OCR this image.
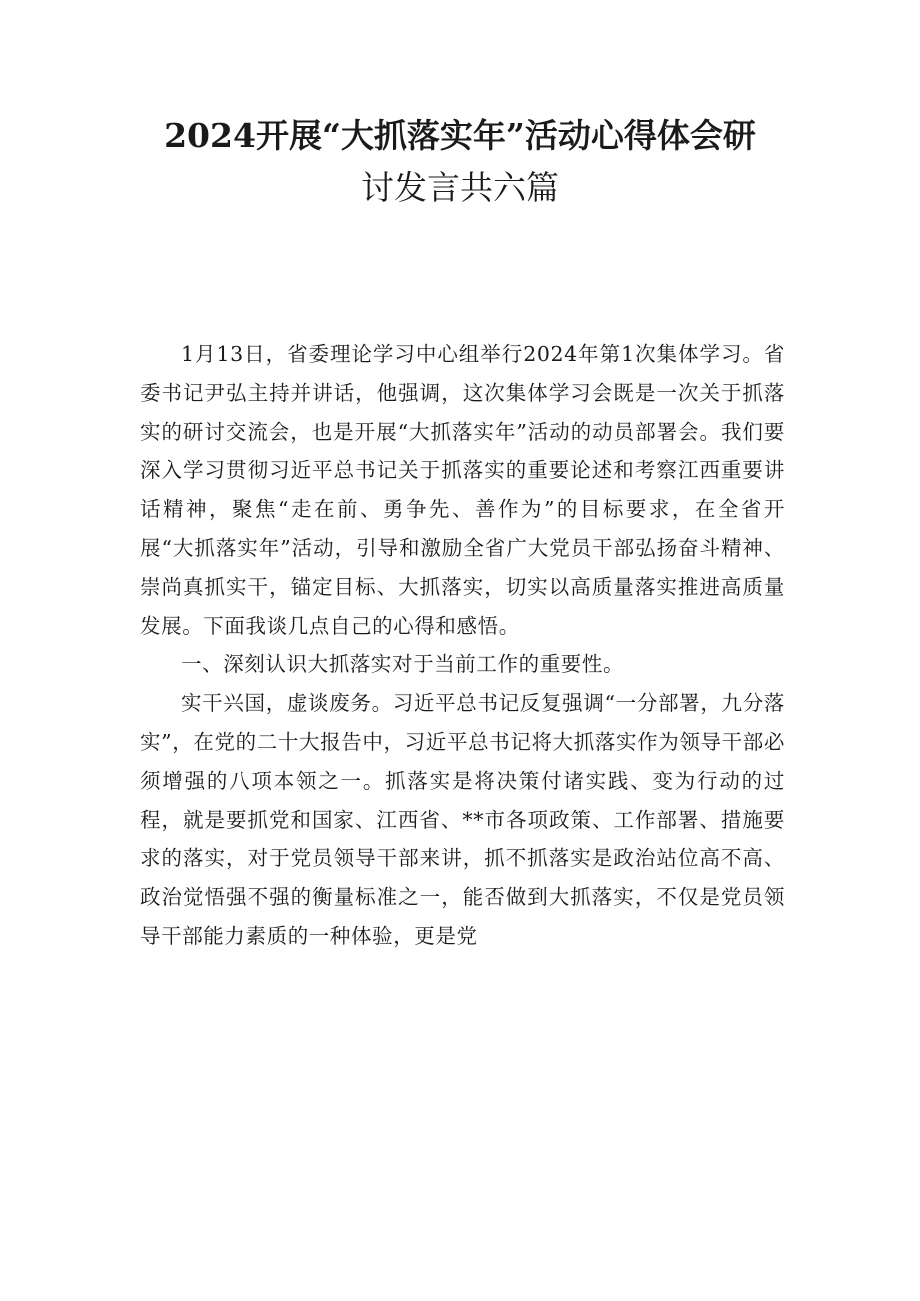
2024开展“大抓落实年”活动心得体会研
讨发言共六篇

1月13日，省委理论学习中心组举行2024年第1次集体学习。省委书记尹弘主持并讲话，他强调，这次集体学习会既是一次关于抓落实的研讨交流会，也是开展“大抓落实年”活动的动员部署会。我们要深入学习贯彻习近平总书记关于抓落实的重要论述和考察江西重要讲话精神，聚焦“走在前、勇争先、善作为”的目标要求，在全省开展“大抓落实年”活动，引导和激励全省广大党员干部弘扬奋斗精神、崇尚真抓实干，锚定目标、大抓落实，切实以高质量落实推进高质量发展。下面我谈几点自己的心得和感悟。

一、深刻认识大抓落实对于当前工作的重要性。

实干兴国，虚谈废务。习近平总书记反复强调“一分部署，九分落实”，在党的二十大报告中，习近平总书记将大抓落实作为领导干部必须增强的八项本领之一。抓落实是将决策付诸实践、变为行动的过程，就是要抓党和国家、江西省、**市各项政策、工作部署、措施要求的落实，对于党员领导干部来讲，抓不抓落实是政治站位高不高、政治觉悟强不强的衡量标准之一，能否做到大抓落实，不仅是党员领导干部能力素质的一种体验，更是党
